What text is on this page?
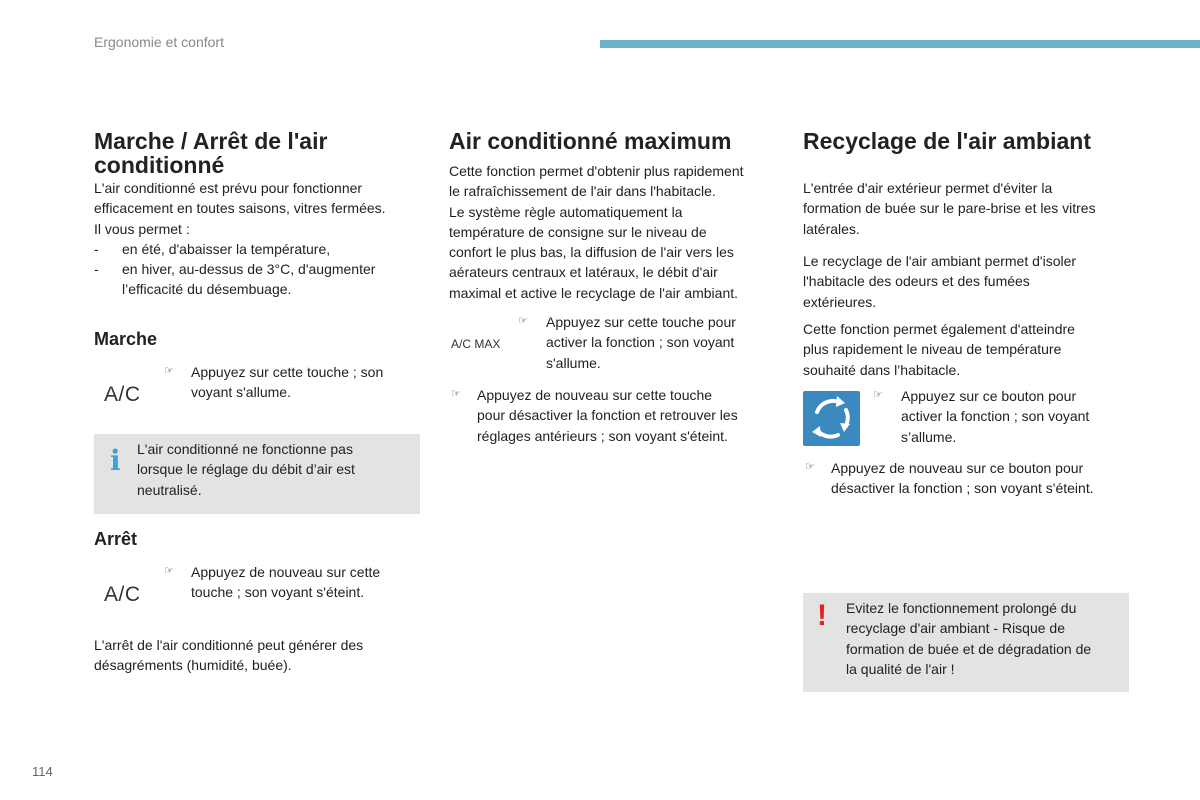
Ergonomie et confort
Marche / Arrêt de l'air
conditionné
L'air conditionné est prévu pour fonctionner
efficacement en toutes saisons, vitres fermées.
Il vous permet :
-	en été, d'abaisser la température,
-	en hiver, au-dessus de 3°C, d'augmenter
l’efficacité du désembuage.
Marche
A/C
☞ Appuyez sur cette touche ; son
voyant s'allume.
i L'air conditionné ne fonctionne pas
lorsque le réglage du débit d’air est
neutralisé.
Arrêt
A/C
☞ Appuyez de nouveau sur cette
touche ; son voyant s'éteint.
L'arrêt de l'air conditionné peut générer des
désagréments (humidité, buée).
Air conditionné maximum
Cette fonction permet d'obtenir plus rapidement
le rafraîchissement de l'air dans l'habitacle.
Le système règle automatiquement la
température de consigne sur le niveau de
confort le plus bas, la diffusion de l'air vers les
aérateurs centraux et latéraux, le débit d'air
maximal et active le recyclage de l'air ambiant.
A/C MAX
☞ Appuyez sur cette touche pour
activer la fonction ; son voyant
s'allume.
☞ Appuyez de nouveau sur cette touche
pour désactiver la fonction et retrouver les
réglages antérieurs ; son voyant s'éteint.
Recyclage de l'air ambiant
L'entrée d'air extérieur permet d'éviter la
formation de buée sur le pare-brise et les vitres
latérales.
Le recyclage de l'air ambiant permet d'isoler
l'habitacle des odeurs et des fumées
extérieures.
Cette fonction permet également d'atteindre
plus rapidement le niveau de température
souhaité dans l’habitacle.
☞ Appuyez sur ce bouton pour
activer la fonction ; son voyant
s’allume.
☞ Appuyez de nouveau sur ce bouton pour
désactiver la fonction ; son voyant s'éteint.
! Evitez le fonctionnement prolongé du
recyclage d'air ambiant - Risque de
formation de buée et de dégradation de
la qualité de l'air !
114
